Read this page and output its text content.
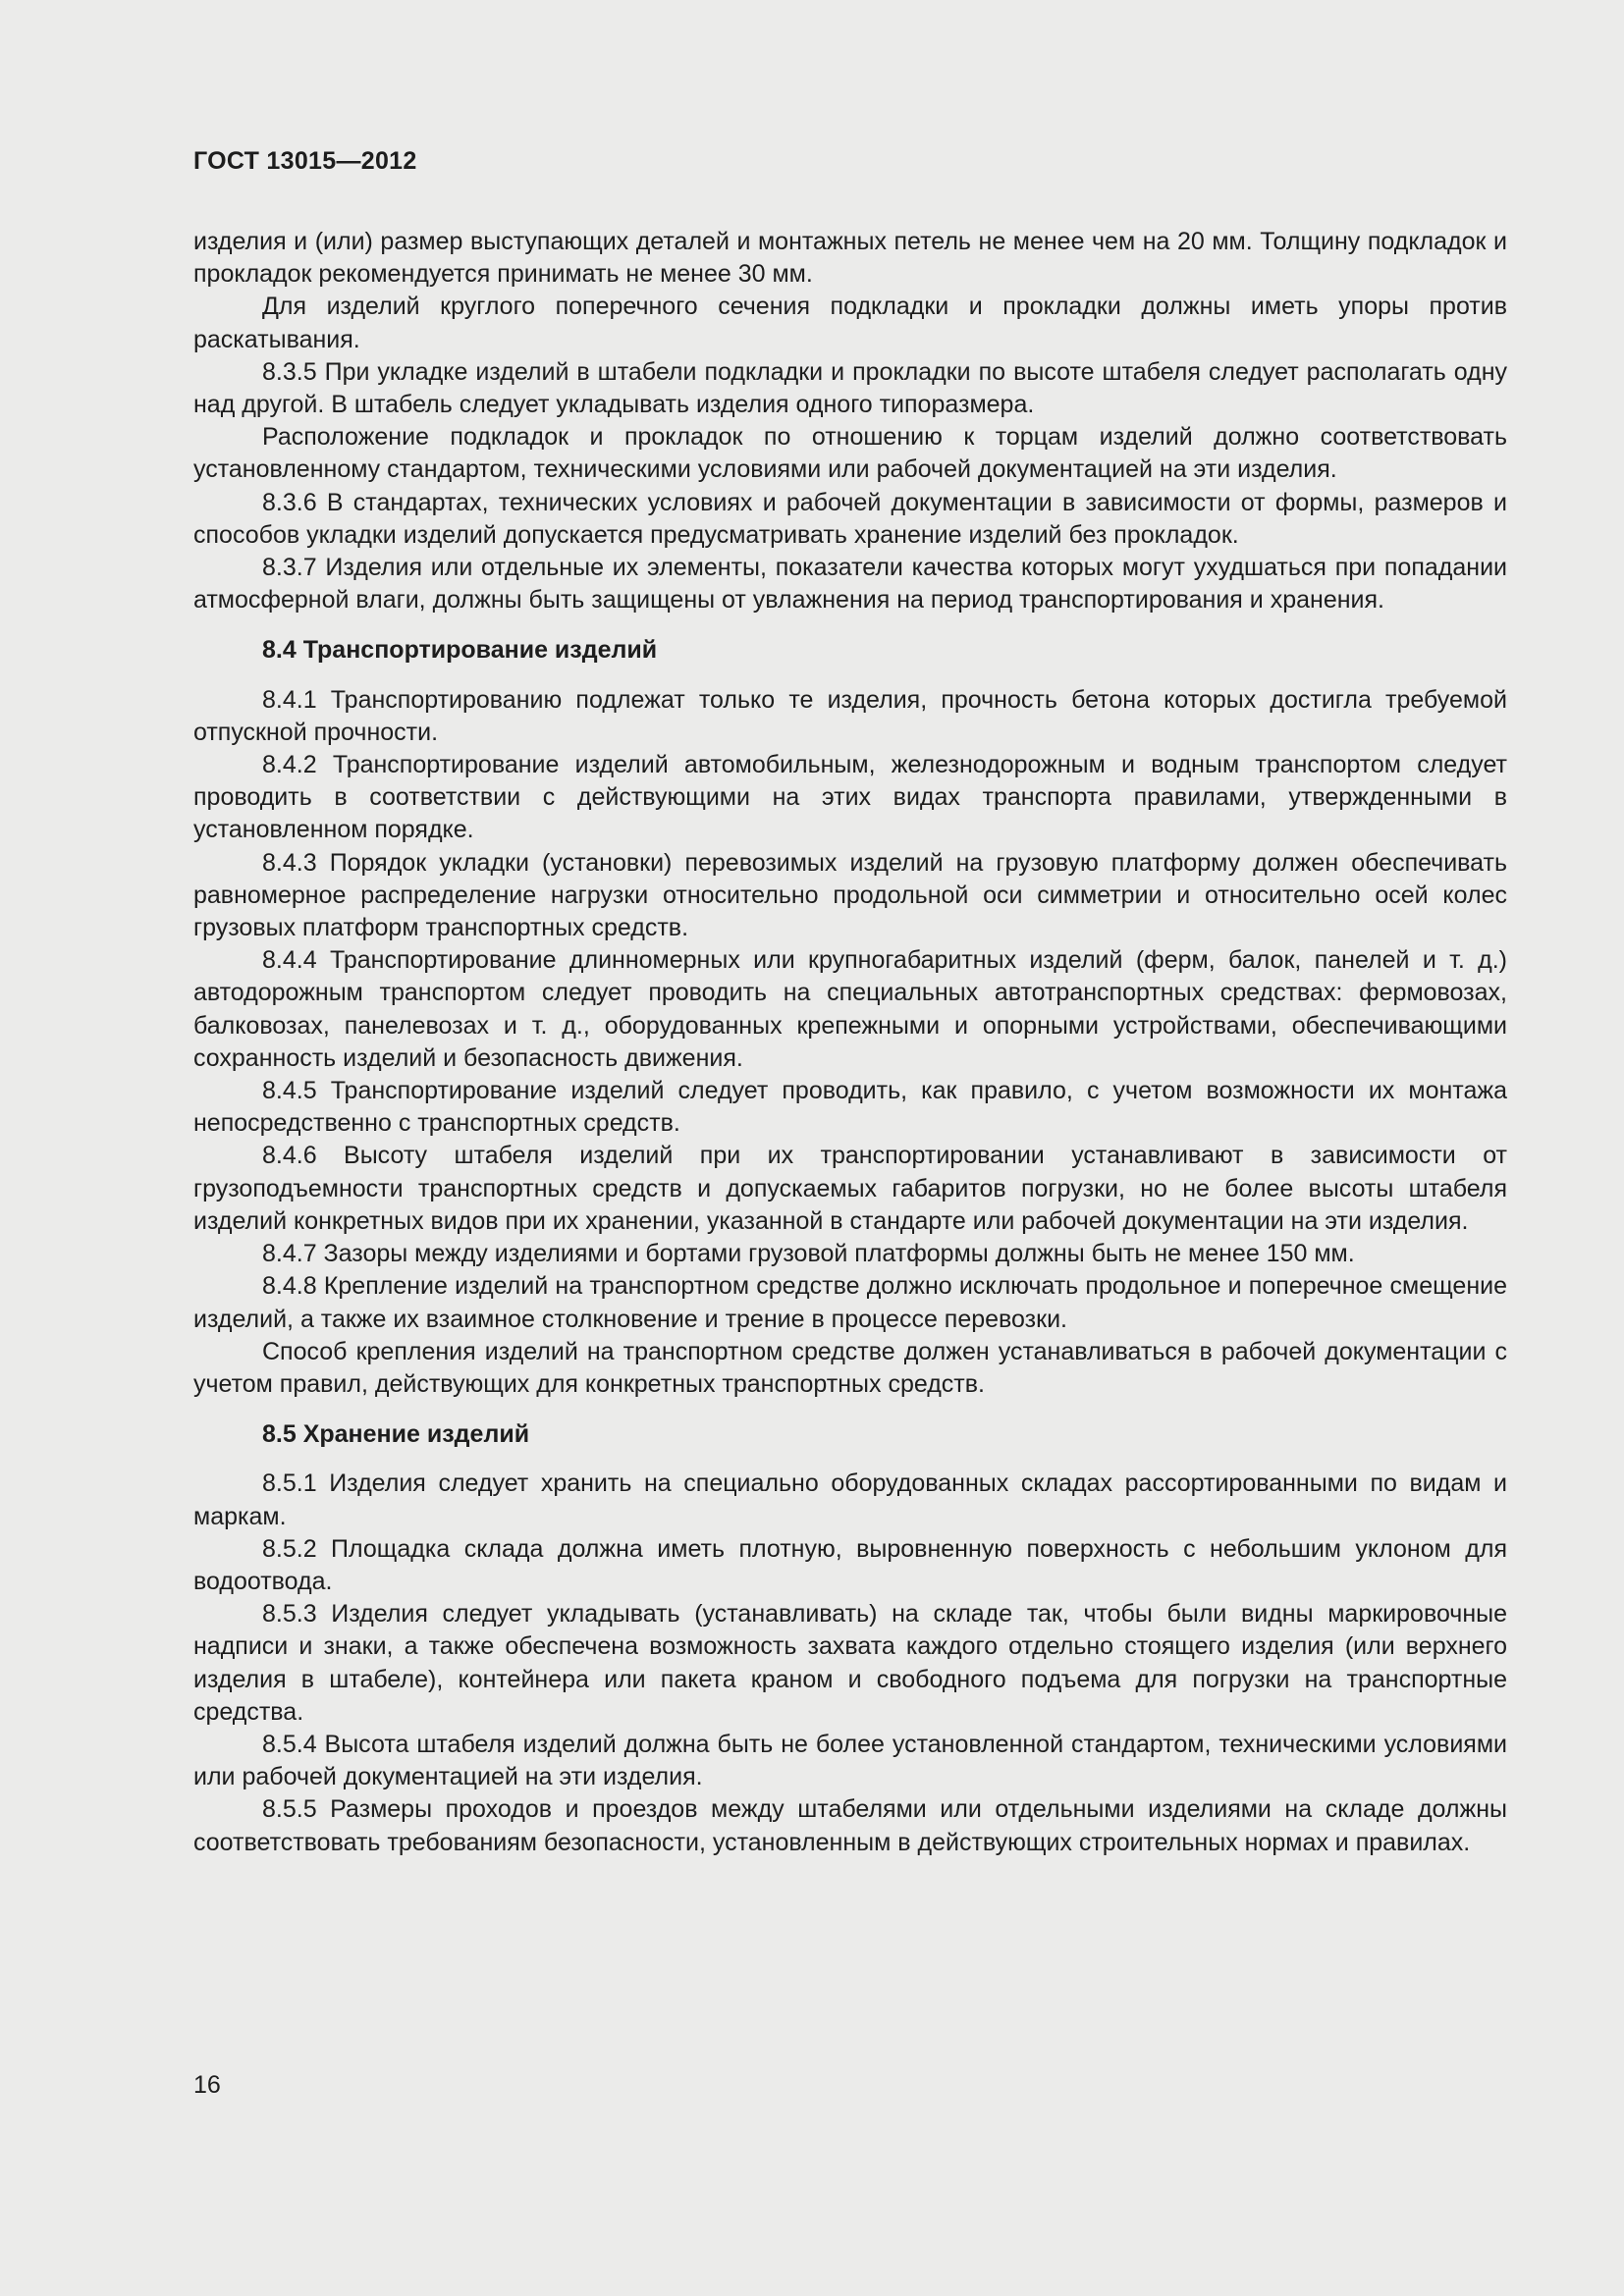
ГОСТ 13015—2012

изделия и (или) размер выступающих деталей и монтажных петель не менее чем на 20 мм. Толщину подкладок и прокладок рекомендуется принимать не менее 30 мм.

Для изделий круглого поперечного сечения подкладки и прокладки должны иметь упоры против раскатывания.

8.3.5 При укладке изделий в штабели подкладки и прокладки по высоте штабеля следует располагать одну над другой. В штабель следует укладывать изделия одного типоразмера.

Расположение подкладок и прокладок по отношению к торцам изделий должно соответствовать установленному стандартом, техническими условиями или рабочей документацией на эти изделия.

8.3.6 В стандартах, технических условиях и рабочей документации в зависимости от формы, размеров и способов укладки изделий допускается предусматривать хранение изделий без прокладок.

8.3.7 Изделия или отдельные их элементы, показатели качества которых могут ухудшаться при попадании атмосферной влаги, должны быть защищены от увлажнения на период транспортирования и хранения.

8.4 Транспортирование изделий

8.4.1 Транспортированию подлежат только те изделия, прочность бетона которых достигла требуемой отпускной прочности.

8.4.2 Транспортирование изделий автомобильным, железнодорожным и водным транспортом следует проводить в соответствии с действующими на этих видах транспорта правилами, утвержденными в установленном порядке.

8.4.3 Порядок укладки (установки) перевозимых изделий на грузовую платформу должен обеспечивать равномерное распределение нагрузки относительно продольной оси симметрии и относительно осей колес грузовых платформ транспортных средств.

8.4.4 Транспортирование длинномерных или крупногабаритных изделий (ферм, балок, панелей и т. д.) автодорожным транспортом следует проводить на специальных автотранспортных средствах: фермовозах, балковозах, панелевозах и т. д., оборудованных крепежными и опорными устройствами, обеспечивающими сохранность изделий и безопасность движения.

8.4.5 Транспортирование изделий следует проводить, как правило, с учетом возможности их монтажа непосредственно с транспортных средств.

8.4.6 Высоту штабеля изделий при их транспортировании устанавливают в зависимости от грузоподъемности транспортных средств и допускаемых габаритов погрузки, но не более высоты штабеля изделий конкретных видов при их хранении, указанной в стандарте или рабочей документации на эти изделия.

8.4.7 Зазоры между изделиями и бортами грузовой платформы должны быть не менее 150 мм.

8.4.8 Крепление изделий на транспортном средстве должно исключать продольное и поперечное смещение изделий, а также их взаимное столкновение и трение в процессе перевозки.

Способ крепления изделий на транспортном средстве должен устанавливаться в рабочей документации с учетом правил, действующих для конкретных транспортных средств.

8.5 Хранение изделий

8.5.1 Изделия следует хранить на специально оборудованных складах рассортированными по видам и маркам.

8.5.2 Площадка склада должна иметь плотную, выровненную поверхность с небольшим уклоном для водоотвода.

8.5.3 Изделия следует укладывать (устанавливать) на складе так, чтобы были видны маркировочные надписи и знаки, а также обеспечена возможность захвата каждого отдельно стоящего изделия (или верхнего изделия в штабеле), контейнера или пакета краном и свободного подъема для погрузки на транспортные средства.

8.5.4 Высота штабеля изделий должна быть не более установленной стандартом, техническими условиями или рабочей документацией на эти изделия.

8.5.5 Размеры проходов и проездов между штабелями или отдельными изделиями на складе должны соответствовать требованиям безопасности, установленным в действующих строительных нормах и правилах.

16
